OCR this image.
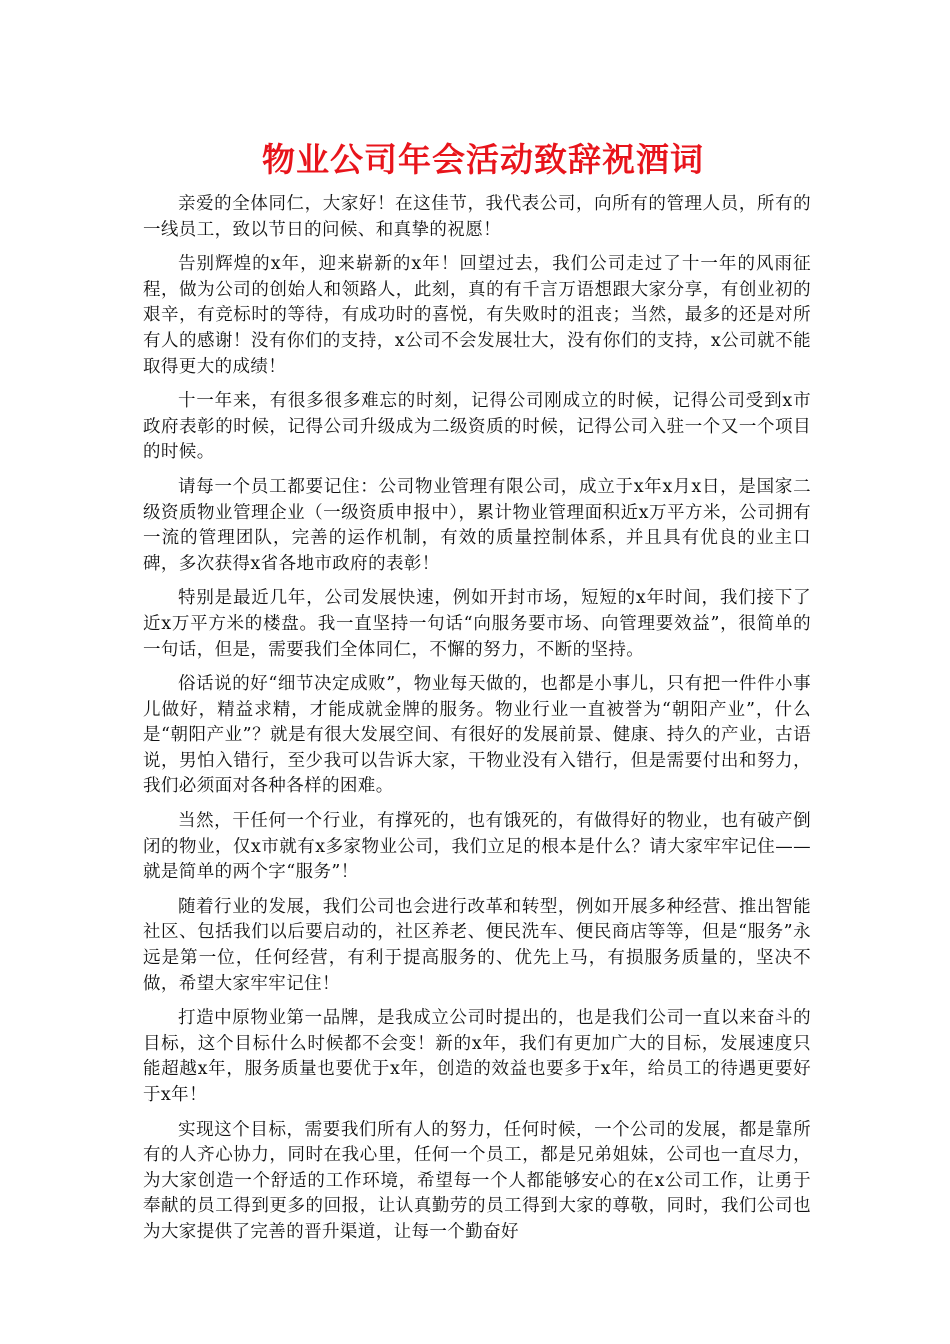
物业公司年会活动致辞祝酒词

亲爱的全体同仁，大家好！在这佳节，我代表公司，向所有的管理人员，所有的一线员工，致以节日的问候、和真挚的祝愿！

告别辉煌的x年，迎来崭新的x年！回望过去，我们公司走过了十一年的风雨征程，做为公司的创始人和领路人，此刻，真的有千言万语想跟大家分享，有创业初的艰辛，有竞标时的等待，有成功时的喜悦，有失败时的沮丧；当然，最多的还是对所有人的感谢！没有你们的支持，x公司不会发展壮大，没有你们的支持，x公司就不能取得更大的成绩！

十一年来，有很多很多难忘的时刻，记得公司刚成立的时候，记得公司受到x市政府表彰的时候，记得公司升级成为二级资质的时候，记得公司入驻一个又一个项目的时候。

请每一个员工都要记住：公司物业管理有限公司，成立于x年x月x日，是国家二级资质物业管理企业（一级资质申报中），累计物业管理面积近x万平方米，公司拥有一流的管理团队，完善的运作机制，有效的质量控制体系，并且具有优良的业主口碑，多次获得x省各地市政府的表彰！

特别是最近几年，公司发展快速，例如开封市场，短短的x年时间，我们接下了近x万平方米的楼盘。我一直坚持一句话“向服务要市场、向管理要效益”，很简单的一句话，但是，需要我们全体同仁，不懈的努力，不断的坚持。

俗话说的好“细节决定成败”，物业每天做的，也都是小事儿，只有把一件件小事儿做好，精益求精，才能成就金牌的服务。物业行业一直被誉为“朝阳产业”，什么是“朝阳产业”？就是有很大发展空间、有很好的发展前景、健康、持久的产业，古语说，男怕入错行，至少我可以告诉大家，干物业没有入错行，但是需要付出和努力，我们必须面对各种各样的困难。

当然，干任何一个行业，有撑死的，也有饿死的，有做得好的物业，也有破产倒闭的物业，仅x市就有x多家物业公司，我们立足的根本是什么？请大家牢牢记住——就是简单的两个字“服务”！

随着行业的发展，我们公司也会进行改革和转型，例如开展多种经营、推出智能社区、包括我们以后要启动的，社区养老、便民洗车、便民商店等等，但是“服务”永远是第一位，任何经营，有利于提高服务的、优先上马，有损服务质量的，坚决不做，希望大家牢牢记住！

打造中原物业第一品牌，是我成立公司时提出的，也是我们公司一直以来奋斗的目标，这个目标什么时候都不会变！新的x年，我们有更加广大的目标，发展速度只能超越x年，服务质量也要优于x年，创造的效益也要多于x年，给员工的待遇更要好于x年！

实现这个目标，需要我们所有人的努力，任何时候，一个公司的发展，都是靠所有的人齐心协力，同时在我心里，任何一个员工，都是兄弟姐妹，公司也一直尽力，为大家创造一个舒适的工作环境，希望每一个人都能够安心的在x公司工作，让勇于奉献的员工得到更多的回报，让认真勤劳的员工得到大家的尊敬，同时，我们公司也为大家提供了完善的晋升渠道，让每一个勤奋好
